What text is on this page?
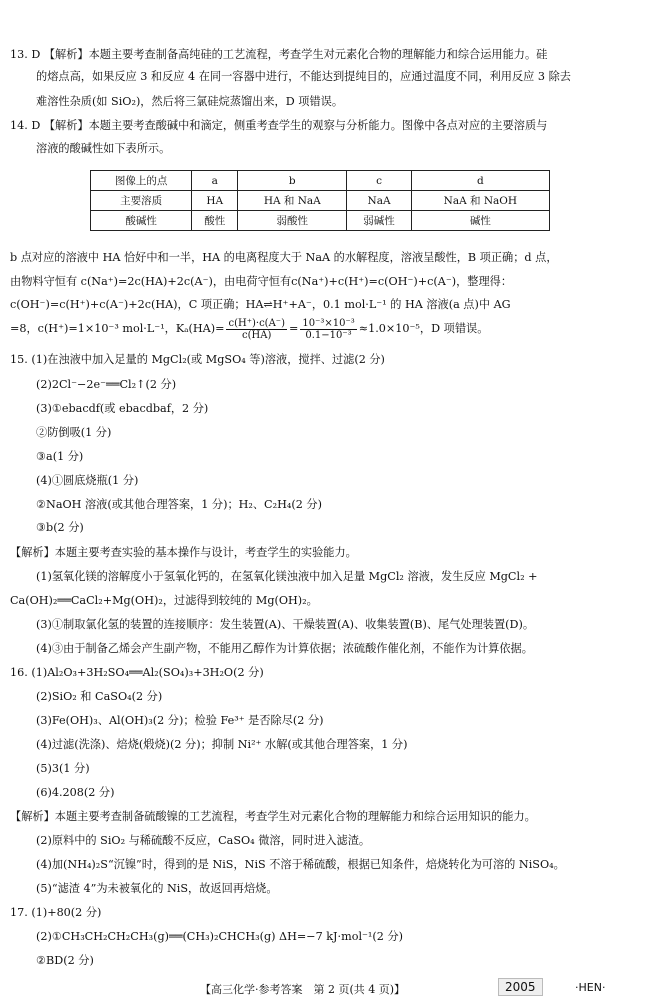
13. D 【解析】本题主要考查制备高纯硅的工艺流程，考查学生对元素化合物的理解能力和综合运用能力。硅
的熔点高，如果反应 3 和反应 4 在同一容器中进行，不能达到提纯目的，应通过温度不同，利用反应 3 除去
难溶性杂质(如 SiO₂)，然后将三氯硅烷蒸馏出来，D 项错误。
14. D 【解析】本题主要考查酸碱中和滴定，侧重考查学生的观察与分析能力。图像中各点对应的主要溶质与
溶液的酸碱性如下表所示。
图像上的点	a	b	c	d
主要溶质	HA	HA 和 NaA	NaA	NaA 和 NaOH
酸碱性	酸性	弱酸性	弱碱性	碱性
b 点对应的溶液中 HA 恰好中和一半，HA 的电离程度大于 NaA 的水解程度，溶液呈酸性，B 项正确；d 点，
由物料守恒有 c(Na⁺)=2c(HA)+2c(A⁻)，由电荷守恒有c(Na⁺)+c(H⁺)=c(OH⁻)+c(A⁻)，整理得：
c(OH⁻)=c(H⁺)+c(A⁻)+2c(HA)，C 项正确；HA⇌H⁺+A⁻，0.1 mol·L⁻¹ 的 HA 溶液(a 点)中 AG
=8，c(H⁺)=1×10⁻³ mol·L⁻¹，$K_a(HA)= \frac{c(H^+)\cdot c(A^-)}{c(HA)} = \frac{\text{10⁻³×10⁻³}}{\text{0.1−10⁻³}} \approx 1.0\times 10^{-5}$，D 项错误。
15. (1)在浊液中加入足量的 MgCl₂(或 MgSO₄ 等)溶液，搅拌、过滤(2 分)
(2)2Cl⁻−2e⁻══Cl₂↑(2 分)
(3)①ebacdf(或 ebacdbaf，2 分)
②防倒吸(1 分)
③a(1 分)
(4)①圆底烧瓶(1 分)
②NaOH 溶液(或其他合理答案，1 分)；H₂、C₂H₄(2 分)
③b(2 分)
【解析】本题主要考查实验的基本操作与设计，考查学生的实验能力。
(1)氢氧化镁的溶解度小于氢氧化钙的，在氢氧化镁浊液中加入足量 MgCl₂ 溶液，发生反应 MgCl₂ +
Ca(OH)₂══CaCl₂+Mg(OH)₂，过滤得到较纯的 Mg(OH)₂。
(3)①制取氯化氢的装置的连接顺序：发生装置(A)、干燥装置(A)、收集装置(B)、尾气处理装置(D)。
(4)③由于制备乙烯会产生副产物，不能用乙醇作为计算依据；浓硫酸作催化剂，不能作为计算依据。
16. (1)Al₂O₃+3H₂SO₄══Al₂(SO₄)₃+3H₂O(2 分)
(2)SiO₂ 和 CaSO₄(2 分)
(3)Fe(OH)₃、Al(OH)₃(2 分)；检验 Fe³⁺ 是否除尽(2 分)
(4)过滤(洗涤)、焙烧(煅烧)(2 分)；抑制 Ni²⁺ 水解(或其他合理答案，1 分)
(5)3(1 分)
(6)4.208(2 分)
【解析】本题主要考查制备硫酸镍的工艺流程，考查学生对元素化合物的理解能力和综合运用知识的能力。
(2)原料中的 SiO₂ 与稀硫酸不反应，CaSO₄ 微溶，同时进入滤渣。
(4)加(NH₄)₂S“沉镍”时，得到的是 NiS，NiS 不溶于稀硫酸，根据已知条件，焙烧转化为可溶的 NiSO₄。
(5)“滤渣 4”为未被氧化的 NiS，故返回再焙烧。
17. (1)+80(2 分)
(2)①CH₃CH₂CH₂CH₃(g)══(CH₃)₂CHCH₃(g) ΔH=−7 kJ·mol⁻¹(2 分)
②BD(2 分)
【高三化学·参考答案　第 2 页(共 4 页)】	2005	·HEN·
